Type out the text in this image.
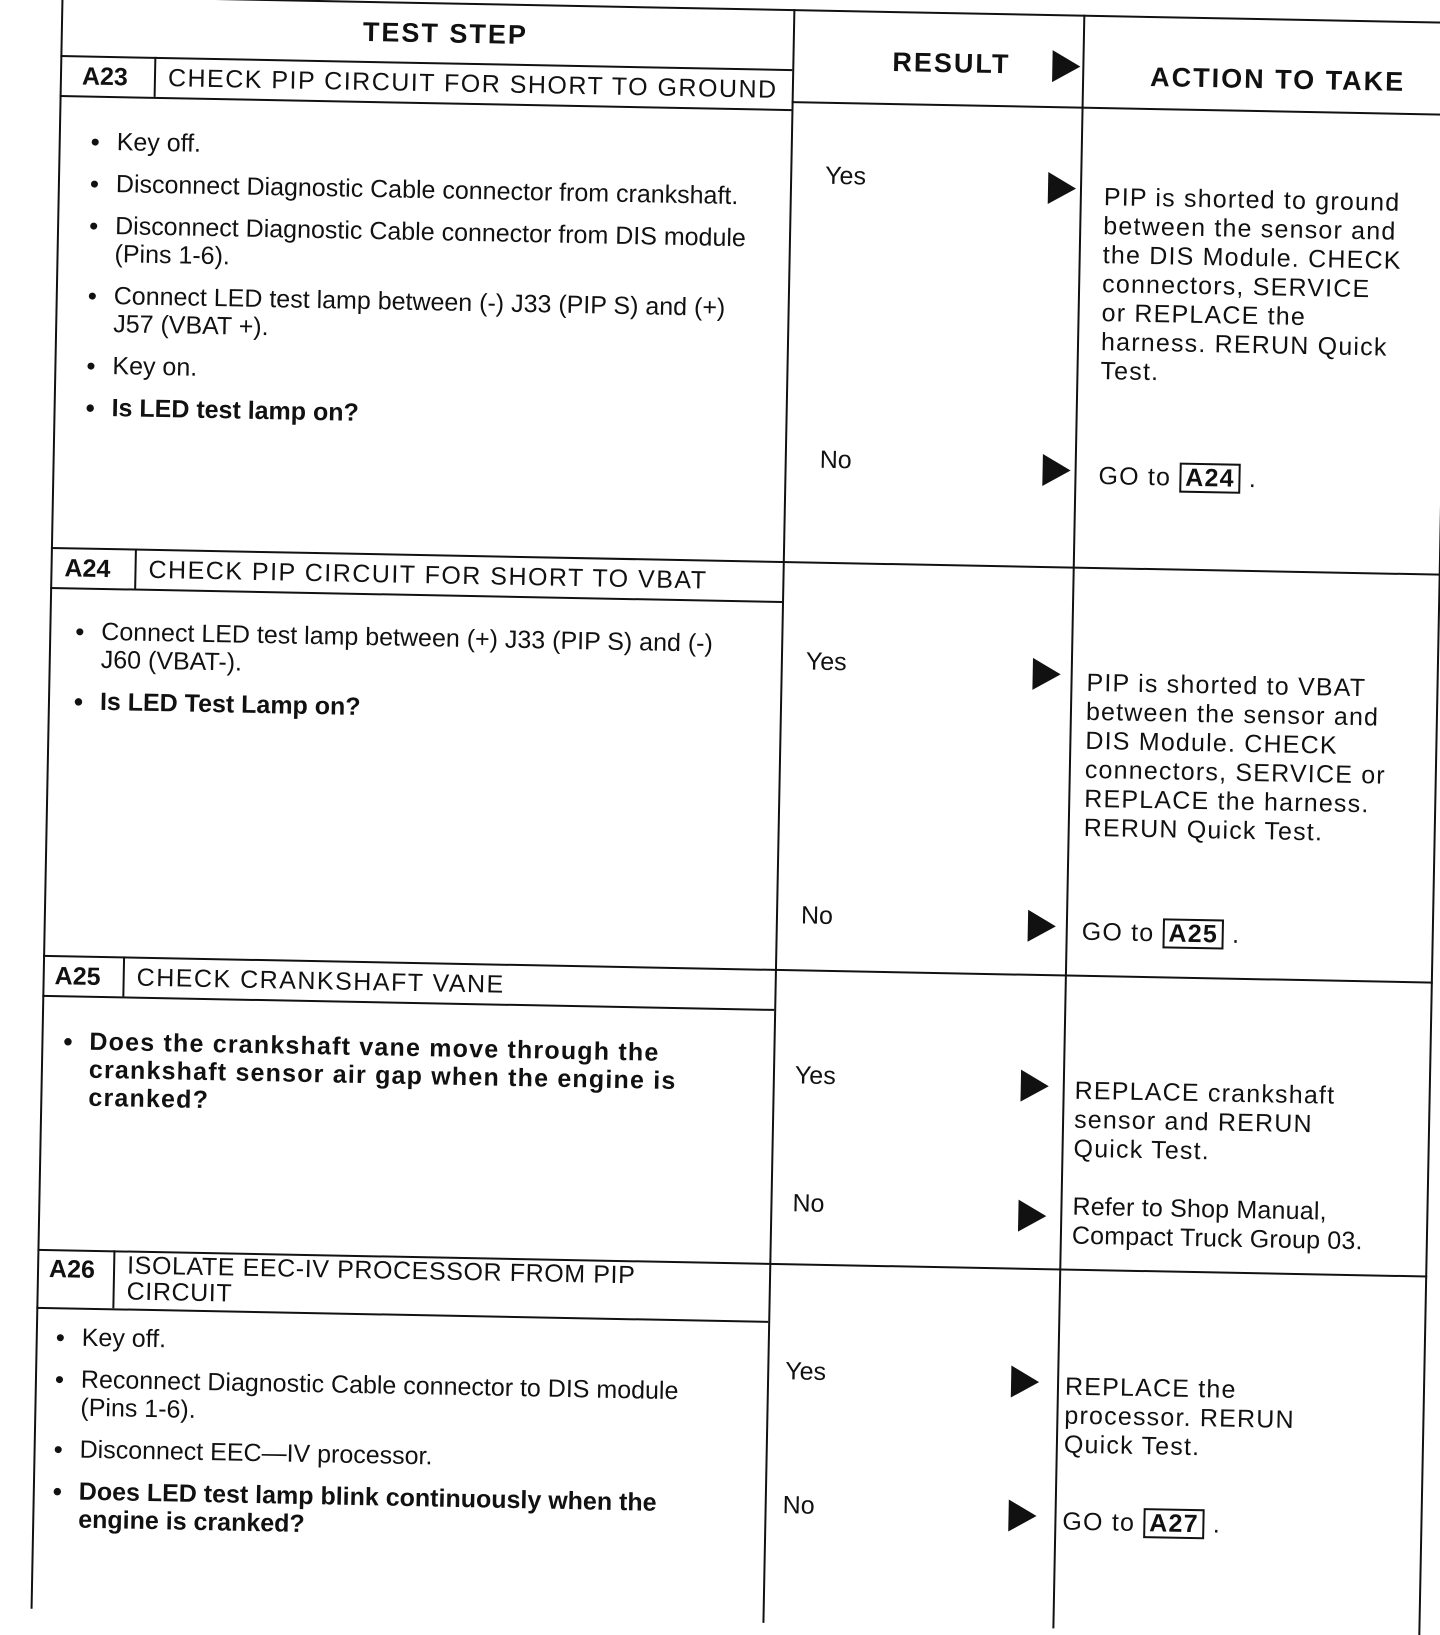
TEST STEP
RESULT	ACTION TO TAKE
A23 CHECK PIP CIRCUIT FOR SHORT TO GROUND
• Key off.
• Disconnect Diagnostic Cable connector from crankshaft.
• Disconnect Diagnostic Cable connector from DIS module (Pins 1-6).
• Connect LED test lamp between (-) J33 (PIP S) and (+) J57 (VBAT +).
• Key on.
• Is LED test lamp on?
Yes
PIP is shorted to ground between the sensor and the DIS Module. CHECK connectors, SERVICE or REPLACE the harness. RERUN Quick Test.
No
GO to A24 .
A24 CHECK PIP CIRCUIT FOR SHORT TO VBAT
• Connect LED test lamp between (+) J33 (PIP S) and (-) J60 (VBAT-).
• Is LED Test Lamp on?
Yes
PIP is shorted to VBAT between the sensor and DIS Module. CHECK connectors, SERVICE or REPLACE the harness. RERUN Quick Test.
No
GO to A25 .
A25 CHECK CRANKSHAFT VANE
• Does the crankshaft vane move through the crankshaft sensor air gap when the engine is cranked?
Yes
REPLACE crankshaft sensor and RERUN Quick Test.
No	Refer to Shop Manual, Compact Truck Group 03.
A26 ISOLATE EEC-IV PROCESSOR FROM PIP CIRCUIT
• Key off.
• Reconnect Diagnostic Cable connector to DIS module (Pins 1-6).
• Disconnect EEC—IV processor.
• Does LED test lamp blink continuously when the engine is cranked?
Yes
REPLACE the processor. RERUN Quick Test.
No
GO to A27 .
